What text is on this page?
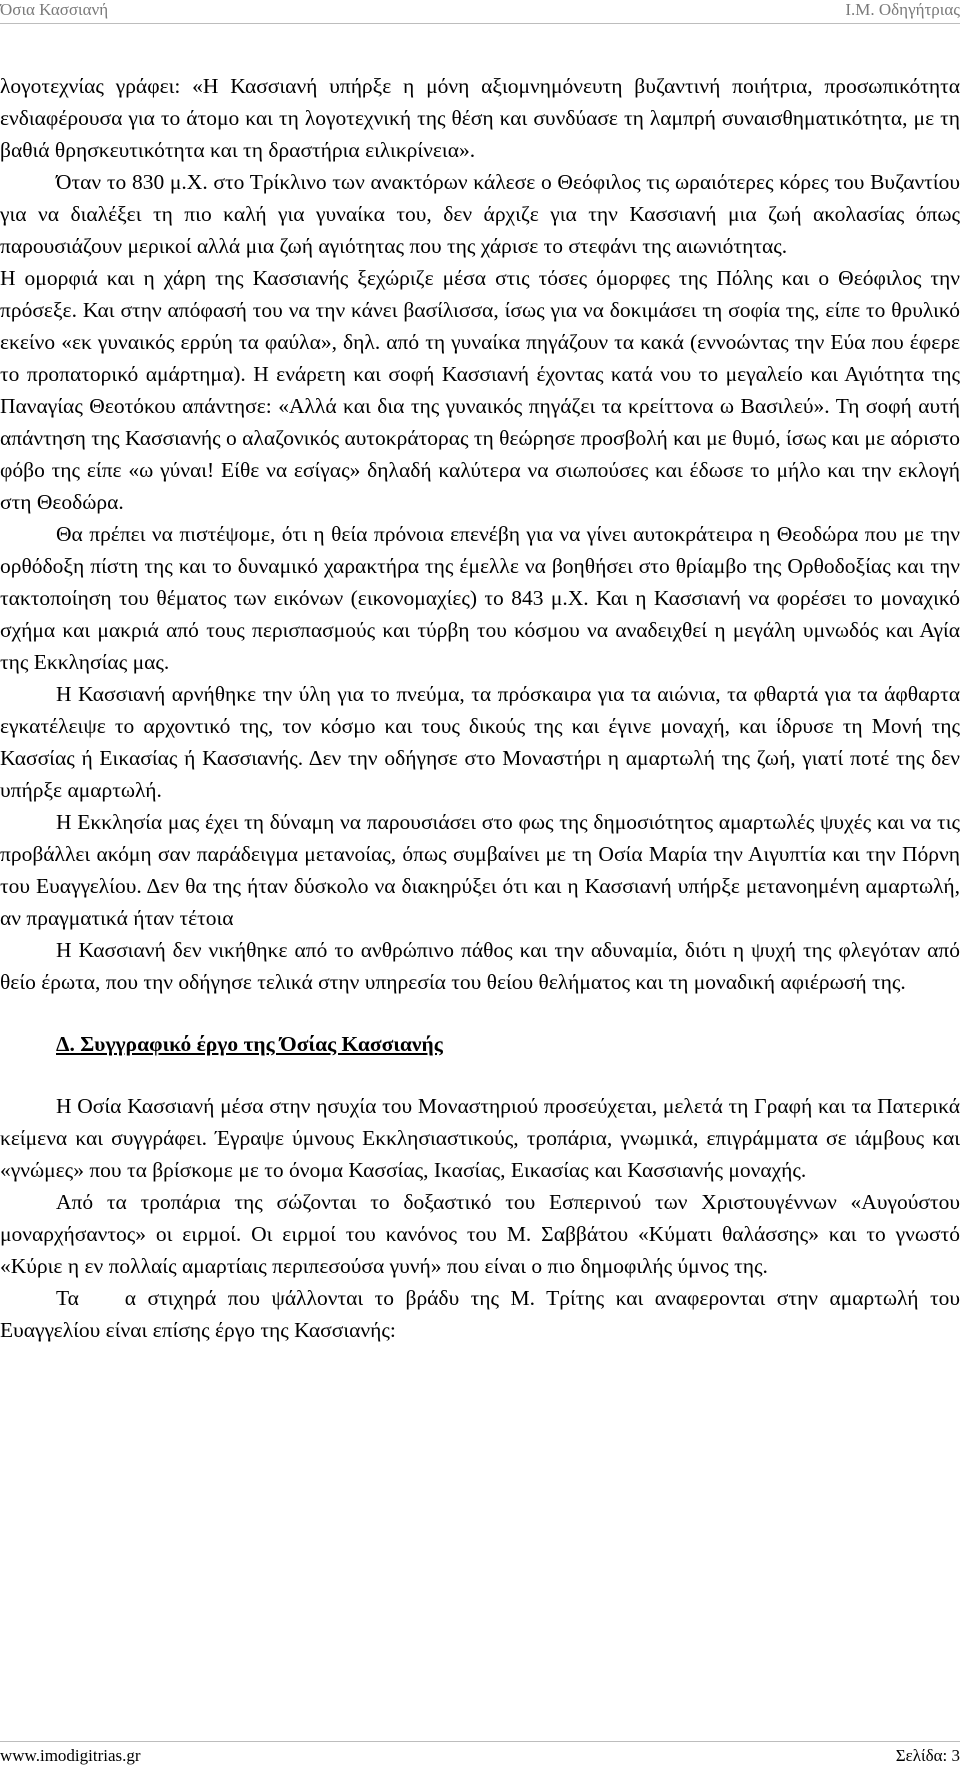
Όσια Κασσιανή	Ι.Μ. Οδηγήτριας

λογοτεχνίας γράφει: «Η Κασσιανή υπήρξε η μόνη αξιομνημόνευτη βυζαντινή ποιήτρια, προσωπικότητα ενδιαφέρουσα για το άτομο και τη λογοτεχνική της θέση και συνδύασε τη λαμπρή συναισθηματικότητα, με τη βαθιά θρησκευτικότητα και τη δραστήρια ειλικρίνεια».

Όταν το 830 μ.Χ. στο Τρίκλινο των ανακτόρων κάλεσε ο Θεόφιλος τις ωραιότερες κόρες του Βυζαντίου για να διαλέξει τη πιο καλή για γυναίκα του, δεν άρχιζε για την Κασσιανή μια ζωή ακολασίας όπως παρουσιάζουν μερικοί αλλά μια ζωή αγιότητας που της χάρισε το στεφάνι της αιωνιότητας.

Η ομορφιά και η χάρη της Κασσιανής ξεχώριζε μέσα στις τόσες όμορφες της Πόλης και ο Θεόφιλος την πρόσεξε. Και στην απόφασή του να την κάνει βασίλισσα, ίσως για να δοκιμάσει τη σοφία της, είπε το θρυλικό εκείνο «εκ γυναικός ερρύη τα φαύλα», δηλ. από τη γυναίκα πηγάζουν τα κακά (εννοώντας την Εύα που έφερε το προπατορικό αμάρτημα). Η ενάρετη και σοφή Κασσιανή έχοντας κατά νου το μεγαλείο και Αγιότητα της Παναγίας Θεοτόκου απάντησε: «Αλλά και δια της γυναικός πηγάζει τα κρείττονα ω Βασιλεύ». Τη σοφή αυτή απάντηση της Κασσιανής ο αλαζονικός αυτοκράτορας τη θεώρησε προσβολή και με θυμό, ίσως και με αόριστο φόβο της είπε «ω γύναι! Είθε να εσίγας» δηλαδή καλύτερα να σιωπούσες και έδωσε το μήλο και την εκλογή στη Θεοδώρα.

Θα πρέπει να πιστέψομε, ότι η θεία πρόνοια επενέβη για να γίνει αυτοκράτειρα η Θεοδώρα που με την ορθόδοξη πίστη της και το δυναμικό χαρακτήρα της έμελλε να βοηθήσει στο θρίαμβο της Ορθοδοξίας και την τακτοποίηση του θέματος των εικόνων (εικονομαχίες) το 843 μ.Χ. Και η Κασσιανή να φορέσει το μοναχικό σχήμα και μακριά από τους περισπασμούς και τύρβη του κόσμου να αναδειχθεί η μεγάλη υμνωδός και Αγία της Εκκλησίας μας.

Η Κασσιανή αρνήθηκε την ύλη για το πνεύμα, τα πρόσκαιρα για τα αιώνια, τα φθαρτά για τα άφθαρτα εγκατέλειψε το αρχοντικό της, τον κόσμο και τους δικούς της και έγινε μοναχή, και ίδρυσε τη Μονή της Κασσίας ή Εικασίας ή Κασσιανής. Δεν την οδήγησε στο Μοναστήρι η αμαρτωλή της ζωή, γιατί ποτέ της δεν υπήρξε αμαρτωλή.

Η Εκκλησία μας έχει τη δύναμη να παρουσιάσει στο φως της δημοσιότητος αμαρτωλές ψυχές και να τις προβάλλει ακόμη σαν παράδειγμα μετανοίας, όπως συμβαίνει με τη Οσία Μαρία την Αιγυπτία και την Πόρνη του Ευαγγελίου. Δεν θα της ήταν δύσκολο να διακηρύξει ότι και η Κασσιανή υπήρξε μετανοημένη αμαρτωλή, αν πραγματικά ήταν τέτοια

Η Κασσιανή δεν νικήθηκε από το ανθρώπινο πάθος και την αδυναμία, διότι η ψυχή της φλεγόταν από θείο έρωτα, που την οδήγησε τελικά στην υπηρεσία του θείου θελήματος και τη μοναδική αφιέρωσή της.

Δ. Συγγραφικό έργο της Όσίας Κασσιανής

Η Οσία Κασσιανή μέσα στην ησυχία του Μοναστηριού προσεύχεται, μελετά τη Γραφή και τα Πατερικά κείμενα και συγγράφει. Έγραψε ύμνους Εκκλησιαστικούς, τροπάρια, γνωμικά, επιγράμματα σε ιάμβους και «γνώμες» που τα βρίσκομε με το όνομα Κασσίας, Ικασίας, Εικασίας και Κασσιανής μοναχής.

Από τα τροπάρια της σώζονται το δοξαστικό του Εσπερινού των Χριστουγέννων «Αυγούστου μοναρχήσαντος» οι ειρμοί. Οι ειρμοί του κανόνος του Μ. Σαββάτου «Κύματι θαλάσσης» και το γνωστό «Κύριε η εν πολλαίς αμαρτίαις περιπεσούσα γυνή» που είναι ο πιο δημοφιλής ύμνος της.

Τα    α στιχηρά που ψάλλονται το βράδυ της Μ. Τρίτης και αναφερονται στην αμαρτωλή του Ευαγγελίου είναι επίσης έργο της Κασσιανής:

www.imodigitrias.gr	Σελίδα: 3
